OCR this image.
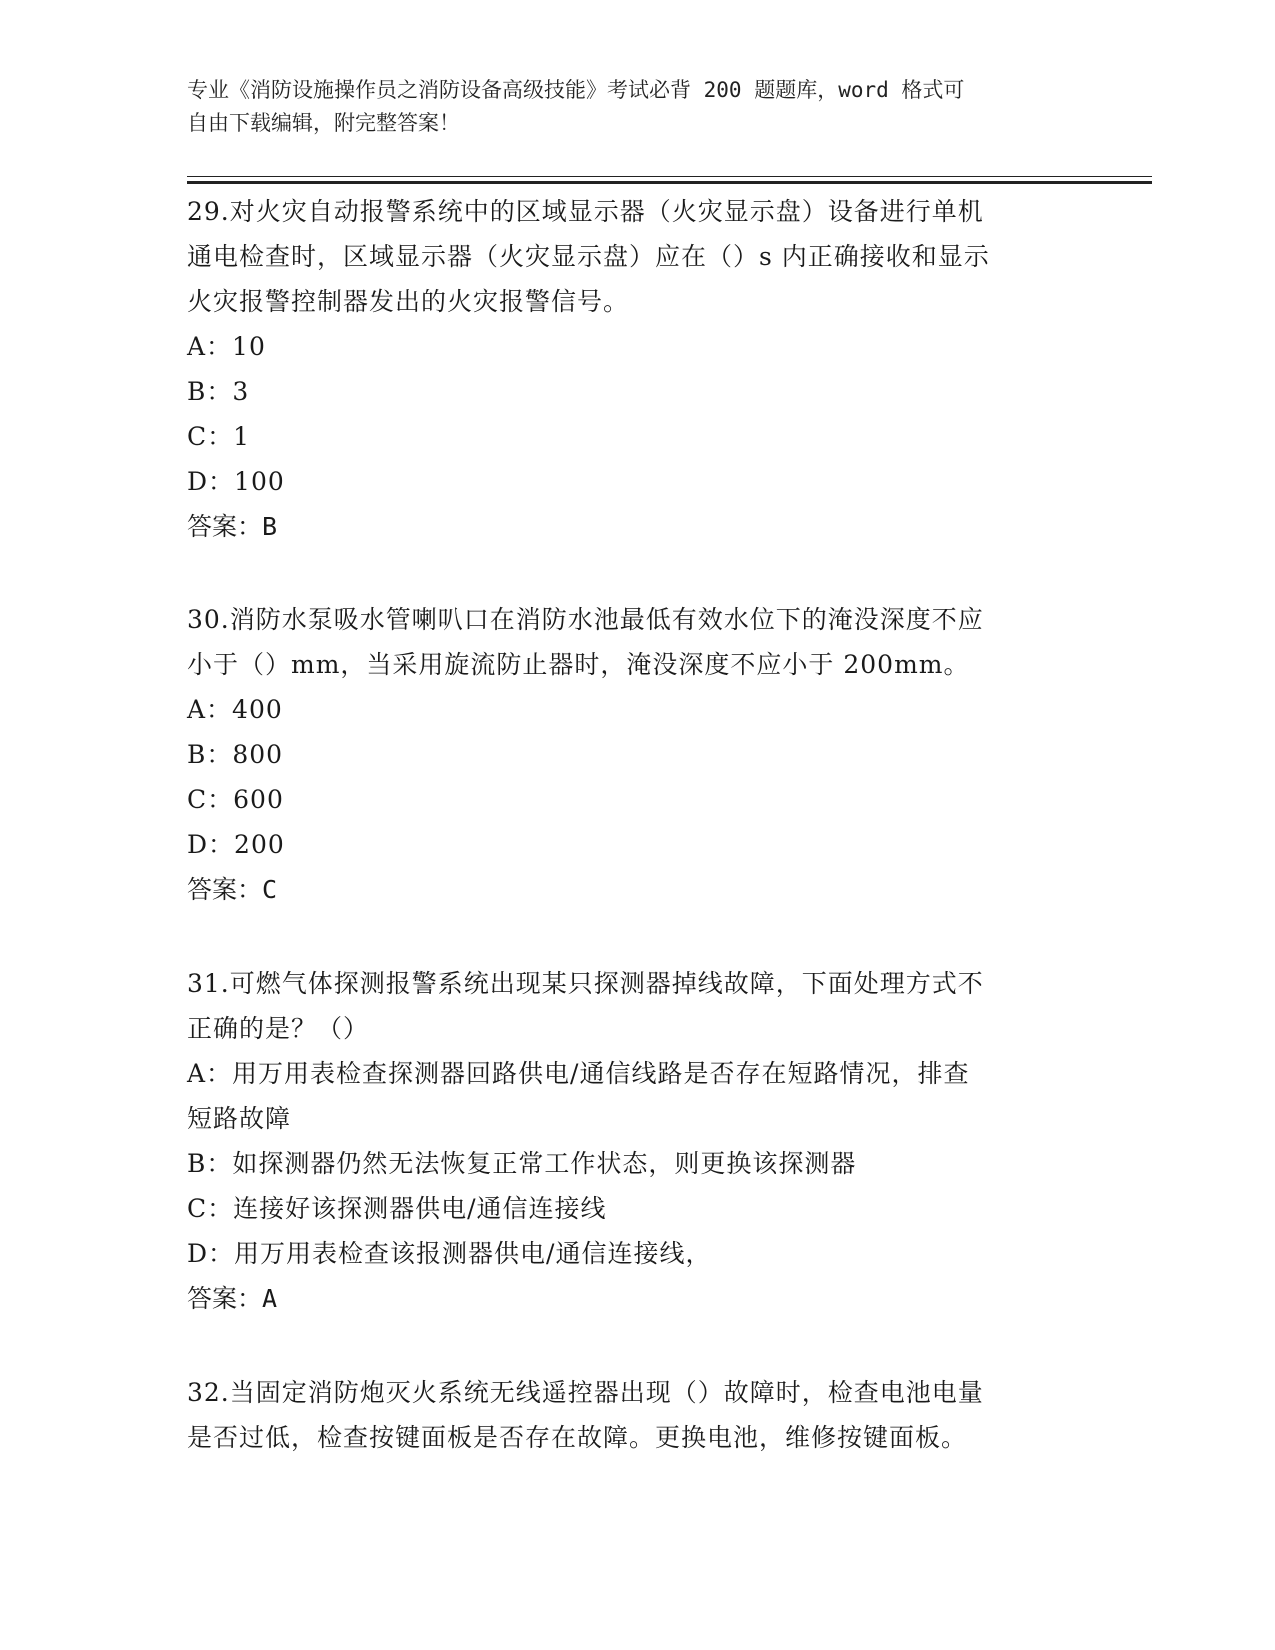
专业《消防设施操作员之消防设备高级技能》考试必背 200 题题库，word 格式可
自由下载编辑，附完整答案！
29.对火灾自动报警系统中的区域显示器（火灾显示盘）设备进行单机
通电检查时，区域显示器（火灾显示盘）应在（）s 内正确接收和显示
火灾报警控制器发出的火灾报警信号。
A：10
B：3
C：1
D：100
答案：B
30.消防水泵吸水管喇叭口在消防水池最低有效水位下的淹没深度不应
小于（）mm，当采用旋流防止器时，淹没深度不应小于 200mm。
A：400
B：800
C：600
D：200
答案：C
31.可燃气体探测报警系统出现某只探测器掉线故障，下面处理方式不
正确的是？（）
A：用万用表检查探测器回路供电/通信线路是否存在短路情况，排查
短路故障
B：如探测器仍然无法恢复正常工作状态，则更换该探测器
C：连接好该探测器供电/通信连接线
D：用万用表检查该报测器供电/通信连接线，
答案：A
32.当固定消防炮灭火系统无线遥控器出现（）故障时，检查电池电量
是否过低，检查按键面板是否存在故障。更换电池，维修按键面板。
